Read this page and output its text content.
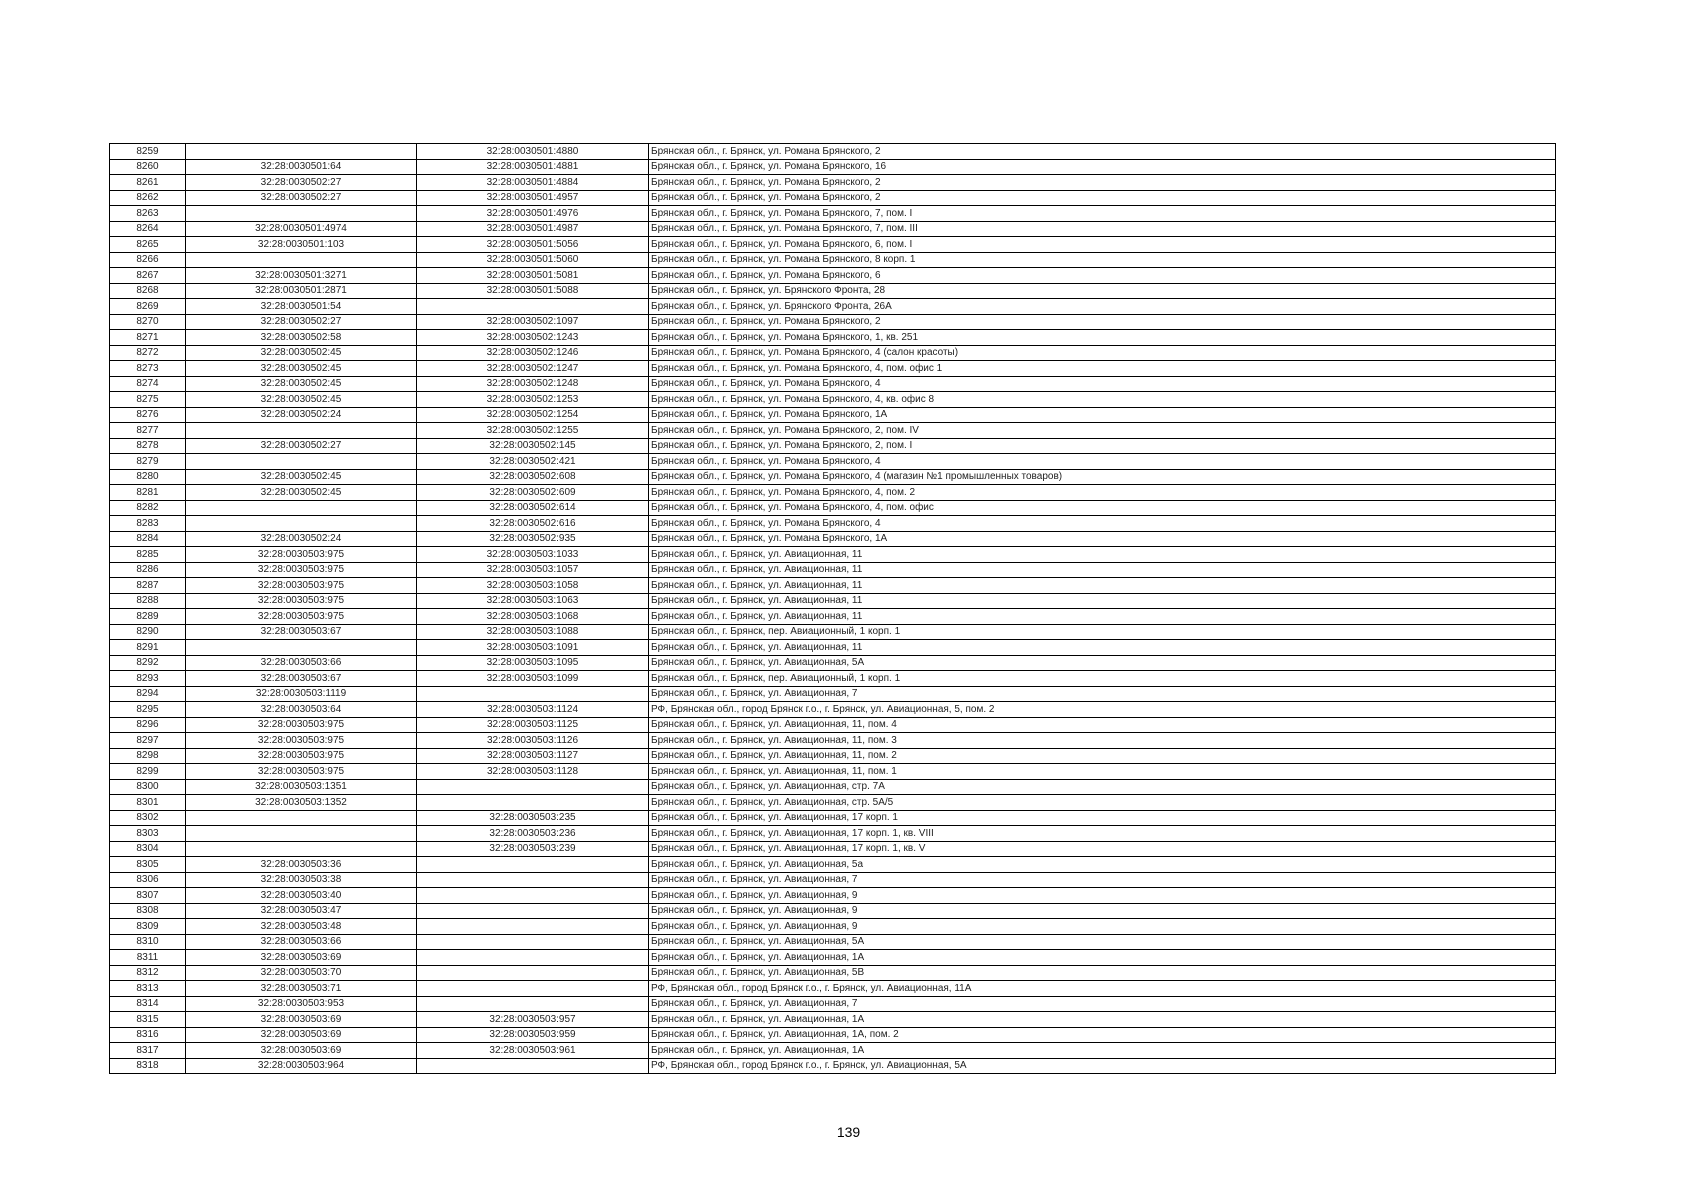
8259		32:28:0030501:4880	Брянская обл., г. Брянск, ул. Романа Брянского, 2
8260	32:28:0030501:64	32:28:0030501:4881	Брянская обл., г. Брянск, ул. Романа Брянского, 16
8261	32:28:0030502:27	32:28:0030501:4884	Брянская обл., г. Брянск, ул. Романа Брянского, 2
8262	32:28:0030502:27	32:28:0030501:4957	Брянская обл., г. Брянск, ул. Романа Брянского, 2
8263		32:28:0030501:4976	Брянская обл., г. Брянск, ул. Романа Брянского, 7, пом. I
8264	32:28:0030501:4974	32:28:0030501:4987	Брянская обл., г. Брянск, ул. Романа Брянского, 7, пом. III
8265	32:28:0030501:103	32:28:0030501:5056	Брянская обл., г. Брянск, ул. Романа Брянского, 6, пом. I
8266		32:28:0030501:5060	Брянская обл., г. Брянск, ул. Романа Брянского, 8 корп. 1
8267	32:28:0030501:3271	32:28:0030501:5081	Брянская обл., г. Брянск, ул. Романа Брянского, 6
8268	32:28:0030501:2871	32:28:0030501:5088	Брянская обл., г. Брянск, ул. Брянского Фронта, 28
8269	32:28:0030501:54		Брянская обл., г. Брянск, ул. Брянского Фронта, 26А
8270	32:28:0030502:27	32:28:0030502:1097	Брянская обл., г. Брянск, ул. Романа Брянского, 2
8271	32:28:0030502:58	32:28:0030502:1243	Брянская обл., г. Брянск, ул. Романа Брянского, 1, кв. 251
8272	32:28:0030502:45	32:28:0030502:1246	Брянская обл., г. Брянск, ул. Романа Брянского, 4 (салон красоты)
8273	32:28:0030502:45	32:28:0030502:1247	Брянская обл., г. Брянск, ул. Романа Брянского, 4, пом. офис 1
8274	32:28:0030502:45	32:28:0030502:1248	Брянская обл., г. Брянск, ул. Романа Брянского, 4
8275	32:28:0030502:45	32:28:0030502:1253	Брянская обл., г. Брянск, ул. Романа Брянского, 4, кв. офис 8
8276	32:28:0030502:24	32:28:0030502:1254	Брянская обл., г. Брянск, ул. Романа Брянского, 1А
8277		32:28:0030502:1255	Брянская обл., г. Брянск, ул. Романа Брянского, 2, пом. IV
8278	32:28:0030502:27	32:28:0030502:145	Брянская обл., г. Брянск, ул. Романа Брянского, 2, пом. I
8279		32:28:0030502:421	Брянская обл., г. Брянск, ул. Романа Брянского, 4
8280	32:28:0030502:45	32:28:0030502:608	Брянская обл., г. Брянск, ул. Романа Брянского, 4 (магазин №1 промышленных товаров)
8281	32:28:0030502:45	32:28:0030502:609	Брянская обл., г. Брянск, ул. Романа Брянского, 4, пом. 2
8282		32:28:0030502:614	Брянская обл., г. Брянск, ул. Романа Брянского, 4, пом. офис
8283		32:28:0030502:616	Брянская обл., г. Брянск, ул. Романа Брянского, 4
8284	32:28:0030502:24	32:28:0030502:935	Брянская обл., г. Брянск, ул. Романа Брянского, 1А
8285	32:28:0030503:975	32:28:0030503:1033	Брянская обл., г. Брянск, ул. Авиационная, 11
8286	32:28:0030503:975	32:28:0030503:1057	Брянская обл., г. Брянск, ул. Авиационная, 11
8287	32:28:0030503:975	32:28:0030503:1058	Брянская обл., г. Брянск, ул. Авиационная, 11
8288	32:28:0030503:975	32:28:0030503:1063	Брянская обл., г. Брянск, ул. Авиационная, 11
8289	32:28:0030503:975	32:28:0030503:1068	Брянская обл., г. Брянск, ул. Авиационная, 11
8290	32:28:0030503:67	32:28:0030503:1088	Брянская обл., г. Брянск, пер. Авиационный, 1 корп. 1
8291		32:28:0030503:1091	Брянская обл., г. Брянск, ул. Авиационная, 11
8292	32:28:0030503:66	32:28:0030503:1095	Брянская обл., г. Брянск, ул. Авиационная, 5А
8293	32:28:0030503:67	32:28:0030503:1099	Брянская обл., г. Брянск, пер. Авиационный, 1 корп. 1
8294	32:28:0030503:1119		Брянская обл., г. Брянск, ул. Авиационная, 7
8295	32:28:0030503:64	32:28:0030503:1124	РФ, Брянская обл., город Брянск г.о., г. Брянск, ул. Авиационная, 5, пом. 2
8296	32:28:0030503:975	32:28:0030503:1125	Брянская обл., г. Брянск, ул. Авиационная, 11, пом. 4
8297	32:28:0030503:975	32:28:0030503:1126	Брянская обл., г. Брянск, ул. Авиационная, 11, пом. 3
8298	32:28:0030503:975	32:28:0030503:1127	Брянская обл., г. Брянск, ул. Авиационная, 11, пом. 2
8299	32:28:0030503:975	32:28:0030503:1128	Брянская обл., г. Брянск, ул. Авиационная, 11, пом. 1
8300	32:28:0030503:1351		Брянская обл., г. Брянск, ул. Авиационная, стр. 7А
8301	32:28:0030503:1352		Брянская обл., г. Брянск, ул. Авиационная, стр. 5А/5
8302		32:28:0030503:235	Брянская обл., г. Брянск, ул. Авиационная, 17 корп. 1
8303		32:28:0030503:236	Брянская обл., г. Брянск, ул. Авиационная, 17 корп. 1, кв. VIII
8304		32:28:0030503:239	Брянская обл., г. Брянск, ул. Авиационная, 17 корп. 1, кв. V
8305	32:28:0030503:36		Брянская обл., г. Брянск, ул. Авиационная, 5а
8306	32:28:0030503:38		Брянская обл., г. Брянск, ул. Авиационная, 7
8307	32:28:0030503:40		Брянская обл., г. Брянск, ул. Авиационная, 9
8308	32:28:0030503:47		Брянская обл., г. Брянск, ул. Авиационная, 9
8309	32:28:0030503:48		Брянская обл., г. Брянск, ул. Авиационная, 9
8310	32:28:0030503:66		Брянская обл., г. Брянск, ул. Авиационная, 5А
8311	32:28:0030503:69		Брянская обл., г. Брянск, ул. Авиационная, 1А
8312	32:28:0030503:70		Брянская обл., г. Брянск, ул. Авиационная, 5В
8313	32:28:0030503:71		РФ, Брянская обл., город Брянск г.о., г. Брянск, ул. Авиационная, 11А
8314	32:28:0030503:953		Брянская обл., г. Брянск, ул. Авиационная, 7
8315	32:28:0030503:69	32:28:0030503:957	Брянская обл., г. Брянск, ул. Авиационная, 1А
8316	32:28:0030503:69	32:28:0030503:959	Брянская обл., г. Брянск, ул. Авиационная, 1А, пом. 2
8317	32:28:0030503:69	32:28:0030503:961	Брянская обл., г. Брянск, ул. Авиационная, 1А
8318	32:28:0030503:964		РФ, Брянская обл., город Брянск г.о., г. Брянск, ул. Авиационная, 5А
139
